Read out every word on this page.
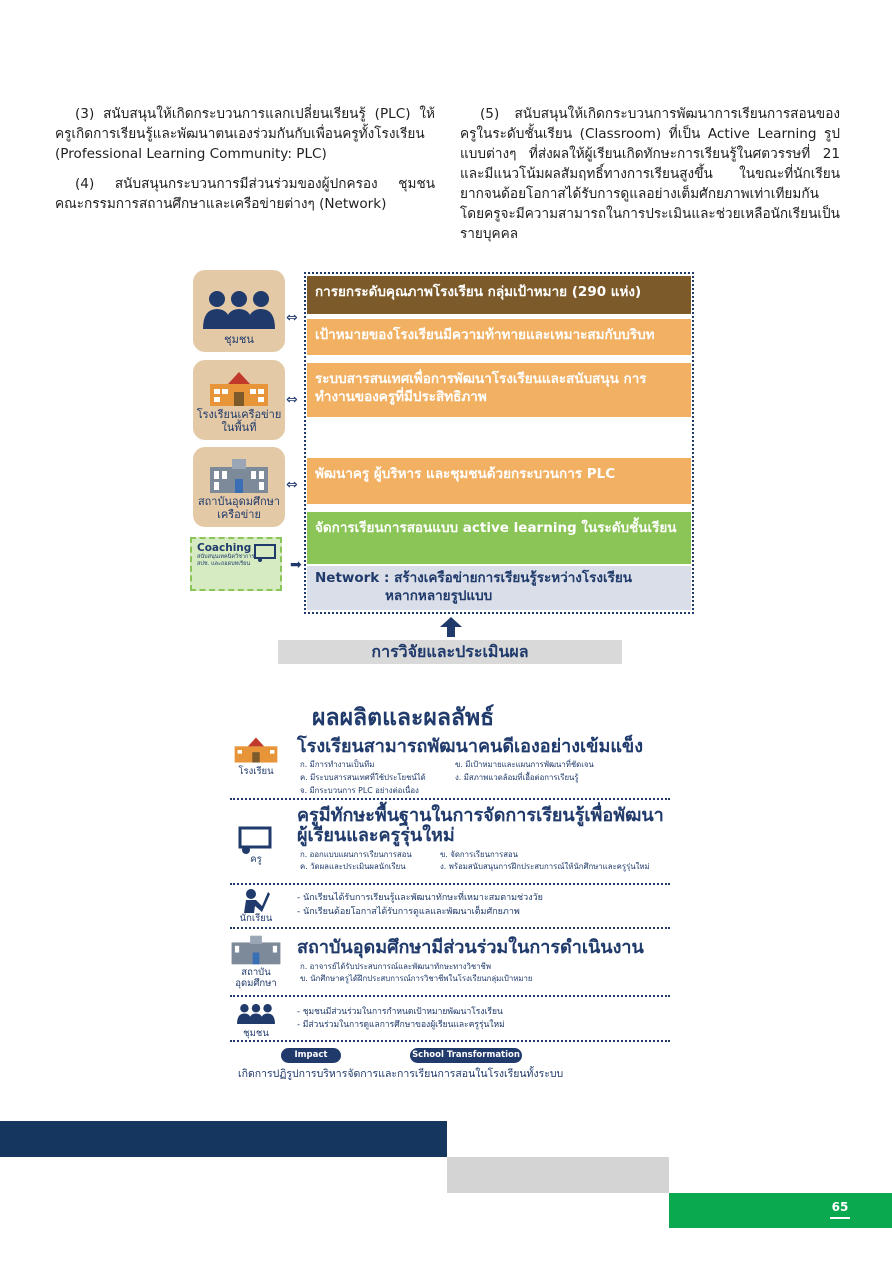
(3) สนับสนุนให้เกิดกระบวนการแลกเปลี่ยนเรียนรู้ (PLC) ให้ครูเกิดการเรียนรู้และพัฒนาตนเองร่วมกันกับเพื่อนครูทั้งโรงเรียน (Professional Learning Community: PLC)

(4) สนับสนุนกระบวนการมีส่วนร่วมของผู้ปกครอง ชุมชน คณะกรรมการสถานศึกษาและเครือข่ายต่างๆ (Network)

(5) สนับสนุนให้เกิดกระบวนการพัฒนาการเรียนการสอนของครูในระดับชั้นเรียน (Classroom) ที่เป็น Active Learning รูปแบบต่างๆ ที่ส่งผลให้ผู้เรียนเกิดทักษะการเรียนรู้ในศตวรรษที่ 21 และมีแนวโน้มผลสัมฤทธิ์ทางการเรียนสูงขึ้น ในขณะที่นักเรียนยากจนด้อยโอกาสได้รับการดูแลอย่างเต็มศักยภาพเท่าเทียมกัน โดยครูจะมีความสามารถในการประเมินและช่วยเหลือนักเรียนเป็นรายบุคคล

ชุมชน
⇔
โรงเรียนเครือข่าย ในพื้นที่
⇔
สถาบันอุดมศึกษา เครือข่าย
⇔
Coaching
สนับสนุนเทคนิควิชาการ สปช. และถอดบทเรียน	➡
การยกระดับคุณภาพโรงเรียน กลุ่มเป้าหมาย (290 แห่ง)
เป้าหมายของโรงเรียนมีความท้าทายและเหมาะสมกับบริบท
ระบบสารสนเทศเพื่อการพัฒนาโรงเรียนและสนับสนุน การทำงานของครูที่มีประสิทธิภาพ
พัฒนาครู ผู้บริหาร และชุมชนด้วยกระบวนการ PLC
จัดการเรียนการสอนแบบ active learning ในระดับชั้นเรียน
Network : สร้างเครือข่ายการเรียนรู้ระหว่างโรงเรียน
หลากหลายรูปแบบ
การวิจัยและประเมินผล
ผลผลิตและผลลัพธ์
โรงเรียน
โรงเรียนสามารถพัฒนาคนดีเองอย่างเข้มแข็ง
ก. มีการทำงานเป็นทีม	ข. มีเป้าหมายและแผนการพัฒนาที่ชัดเจน
ค. มีระบบสารสนเทศที่ใช้ประโยชน์ได้	ง. มีสภาพแวดล้อมที่เอื้อต่อการเรียนรู้
จ. มีกระบวนการ PLC อย่างต่อเนื่อง
ครู
ครูมีทักษะพื้นฐานในการจัดการเรียนรู้เพื่อพัฒนา
ผู้เรียนและครูรุ่นใหม่
ก. ออกแบบแผนการเรียนการสอน	ข. จัดการเรียนการสอน
ค. วัดผลและประเมินผลนักเรียน	ง. พร้อมสนับสนุนการฝึกประสบการณ์ให้นักศึกษาและครูรุ่นใหม่
นักเรียน
- นักเรียนได้รับการเรียนรู้และพัฒนาทักษะที่เหมาะสมตามช่วงวัย
- นักเรียนด้อยโอกาสได้รับการดูแลและพัฒนาเต็มศักยภาพ
สถาบัน อุดมศึกษา
สถาบันอุดมศึกษามีส่วนร่วมในการดำเนินงาน
ก. อาจารย์ได้รับประสบการณ์และพัฒนาทักษะทางวิชาชีพ
ข. นักศึกษาครูได้ฝึกประสบการณ์การวิชาชีพในโรงเรียนกลุ่มเป้าหมาย
ชุมชน
- ชุมชนมีส่วนร่วมในการกำหนดเป้าหมายพัฒนาโรงเรียน
- มีส่วนร่วมในการดูแลการศึกษาของผู้เรียนและครูรุ่นใหม่
Impact	School Transformation
เกิดการปฏิรูปการบริหารจัดการและการเรียนการสอนในโรงเรียนทั้งระบบ
65
